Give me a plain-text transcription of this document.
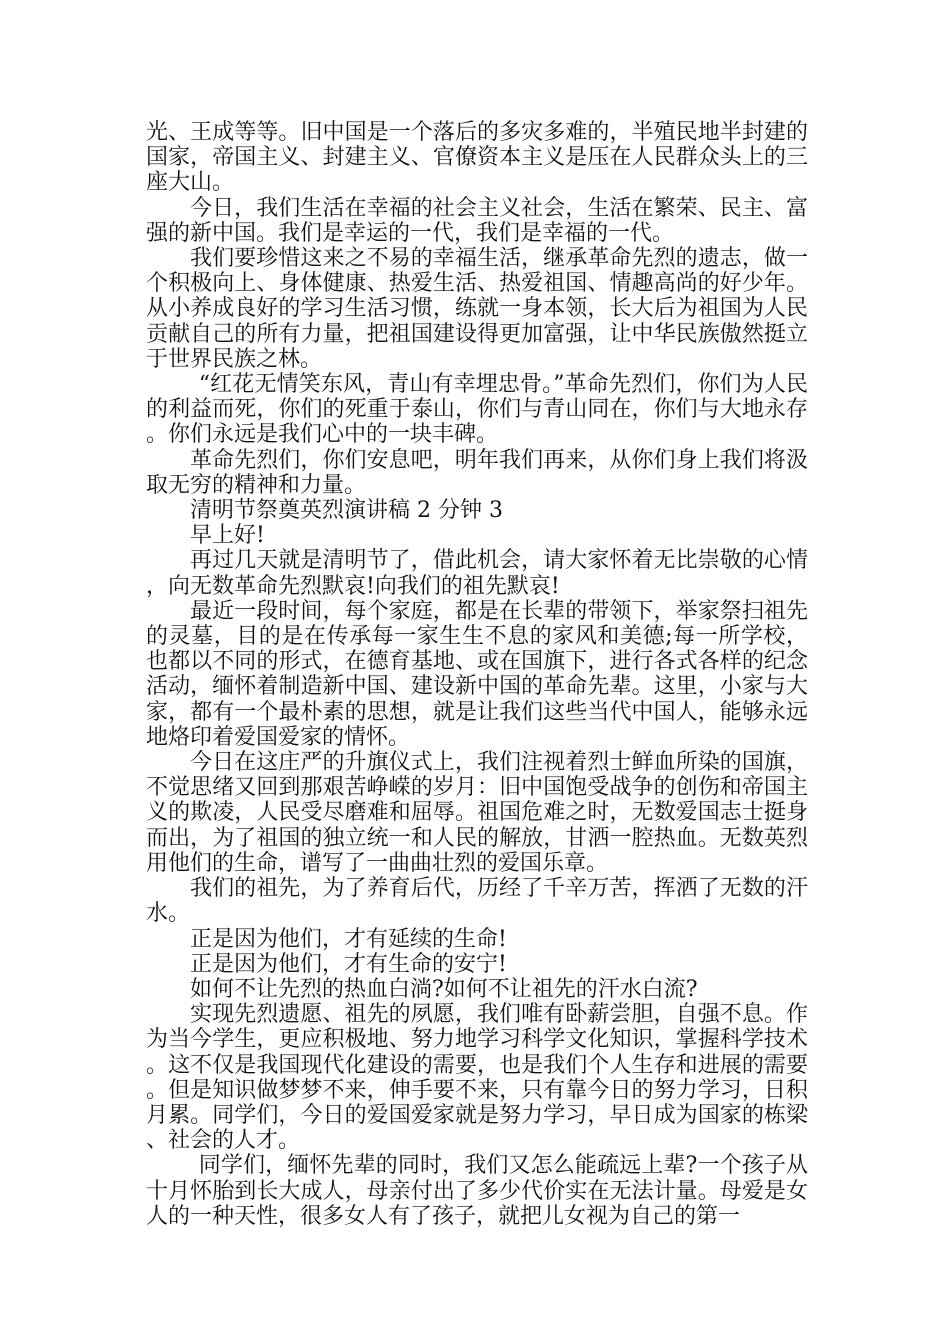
光、王成等等。旧中国是一个落后的多灾多难的，半殖民地半封建的国家，帝国主义、封建主义、官僚资本主义是压在人民群众头上的三座大山。

今日，我们生活在幸福的社会主义社会，生活在繁荣、民主、富强的新中国。我们是幸运的一代，我们是幸福的一代。

我们要珍惜这来之不易的幸福生活，继承革命先烈的遗志，做一个积极向上、身体健康、热爱生活、热爱祖国、情趣高尚的好少年。从小养成良好的学习生活习惯，练就一身本领，长大后为祖国为人民贡献自己的所有力量，把祖国建设得更加富强，让中华民族傲然挺立于世界民族之林。

“红花无情笑东风，青山有幸埋忠骨。”革命先烈们，你们为人民的利益而死，你们的死重于泰山，你们与青山同在，你们与大地永存。你们永远是我们心中的一块丰碑。

革命先烈们，你们安息吧，明年我们再来，从你们身上我们将汲取无穷的精神和力量。

清明节祭奠英烈演讲稿 2 分钟 3

早上好!

再过几天就是清明节了，借此机会，请大家怀着无比崇敬的心情，向无数革命先烈默哀!向我们的祖先默哀!

最近一段时间，每个家庭，都是在长辈的带领下，举家祭扫祖先的灵墓，目的是在传承每一家生生不息的家风和美德;每一所学校，也都以不同的形式，在德育基地、或在国旗下，进行各式各样的纪念活动，缅怀着制造新中国、建设新中国的革命先辈。这里，小家与大家，都有一个最朴素的思想，就是让我们这些当代中国人，能够永远地烙印着爱国爱家的情怀。

今日在这庄严的升旗仪式上，我们注视着烈士鲜血所染的国旗，不觉思绪又回到那艰苦峥嵘的岁月：旧中国饱受战争的创伤和帝国主义的欺凌，人民受尽磨难和屈辱。祖国危难之时，无数爱国志士挺身而出，为了祖国的独立统一和人民的解放，甘洒一腔热血。无数英烈用他们的生命，谱写了一曲曲壮烈的爱国乐章。

我们的祖先，为了养育后代，历经了千辛万苦，挥洒了无数的汗水。

正是因为他们，才有延续的生命!

正是因为他们，才有生命的安宁!

如何不让先烈的热血白淌?如何不让祖先的汗水白流?

实现先烈遗愿、祖先的夙愿，我们唯有卧薪尝胆，自强不息。作为当今学生，更应积极地、努力地学习科学文化知识，掌握科学技术。这不仅是我国现代化建设的需要，也是我们个人生存和进展的需要。但是知识做梦梦不来，伸手要不来，只有靠今日的努力学习，日积月累。同学们，今日的爱国爱家就是努力学习，早日成为国家的栋梁、社会的人才。

同学们，缅怀先辈的同时，我们又怎么能疏远上辈?一个孩子从十月怀胎到长大成人，母亲付出了多少代价实在无法计量。母爱是女人的一种天性，很多女人有了孩子，就把儿女视为自己的第一
